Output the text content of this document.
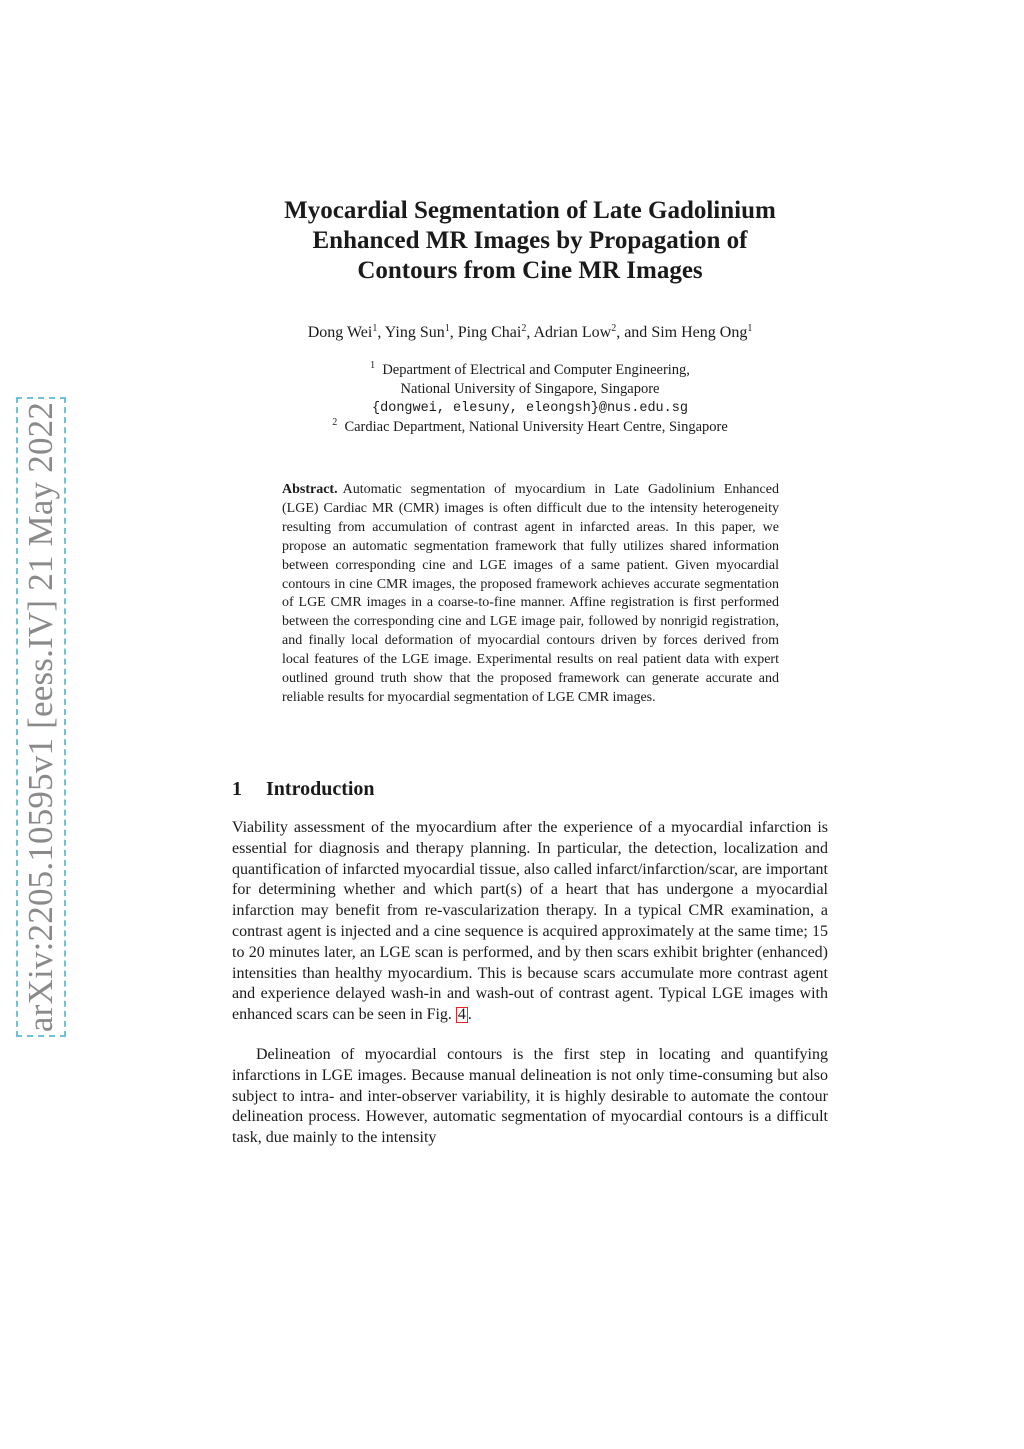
arXiv:2205.10595v1 [eess.IV] 21 May 2022
Myocardial Segmentation of Late Gadolinium
Enhanced MR Images by Propagation of
Contours from Cine MR Images
Dong Wei$^1$, Ying Sun$^1$, Ping Chai$^2$, Adrian Low$^2$, and Sim Heng Ong$^1$
$^1$ Department of Electrical and Computer Engineering,
National University of Singapore, Singapore
{dongwei, elesuny, eleongsh}@nus.edu.sg
$^2$ Cardiac Department, National University Heart Centre, Singapore
Abstract. Automatic segmentation of myocardium in Late Gadolinium Enhanced (LGE) Cardiac MR (CMR) images is often difficult due to the intensity heterogeneity resulting from accumulation of contrast agent in infarcted areas. In this paper, we propose an automatic segmentation framework that fully utilizes shared information between corresponding cine and LGE images of a same patient. Given myocardial contours in cine CMR images, the proposed framework achieves accurate segmentation of LGE CMR images in a coarse-to-fine manner. Affine registration is first performed between the corresponding cine and LGE image pair, followed by nonrigid registration, and finally local deformation of myocardial contours driven by forces derived from local features of the LGE image. Experimental results on real patient data with expert outlined ground truth show that the proposed framework can generate accurate and reliable results for myocardial segmentation of LGE CMR images.
1 Introduction

Viability assessment of the myocardium after the experience of a myocardial infarction is essential for diagnosis and therapy planning. In particular, the detection, localization and quantification of infarcted myocardial tissue, also called infarct/infarction/scar, are important for determining whether and which part(s) of a heart that has undergone a myocardial infarction may benefit from re-vascularization therapy. In a typical CMR examination, a contrast agent is injected and a cine sequence is acquired approximately at the same time; 15 to 20 minutes later, an LGE scan is performed, and by then scars exhibit brighter (enhanced) intensities than healthy myocardium. This is because scars accumulate more contrast agent and experience delayed wash-in and wash-out of contrast agent. Typical LGE images with enhanced scars can be seen in Fig. 4 .

Delineation of myocardial contours is the first step in locating and quantifying infarctions in LGE images. Because manual delineation is not only time-consuming but also subject to intra- and inter-observer variability, it is highly desirable to automate the contour delineation process. However, automatic segmentation of myocardial contours is a difficult task, due mainly to the intensity
